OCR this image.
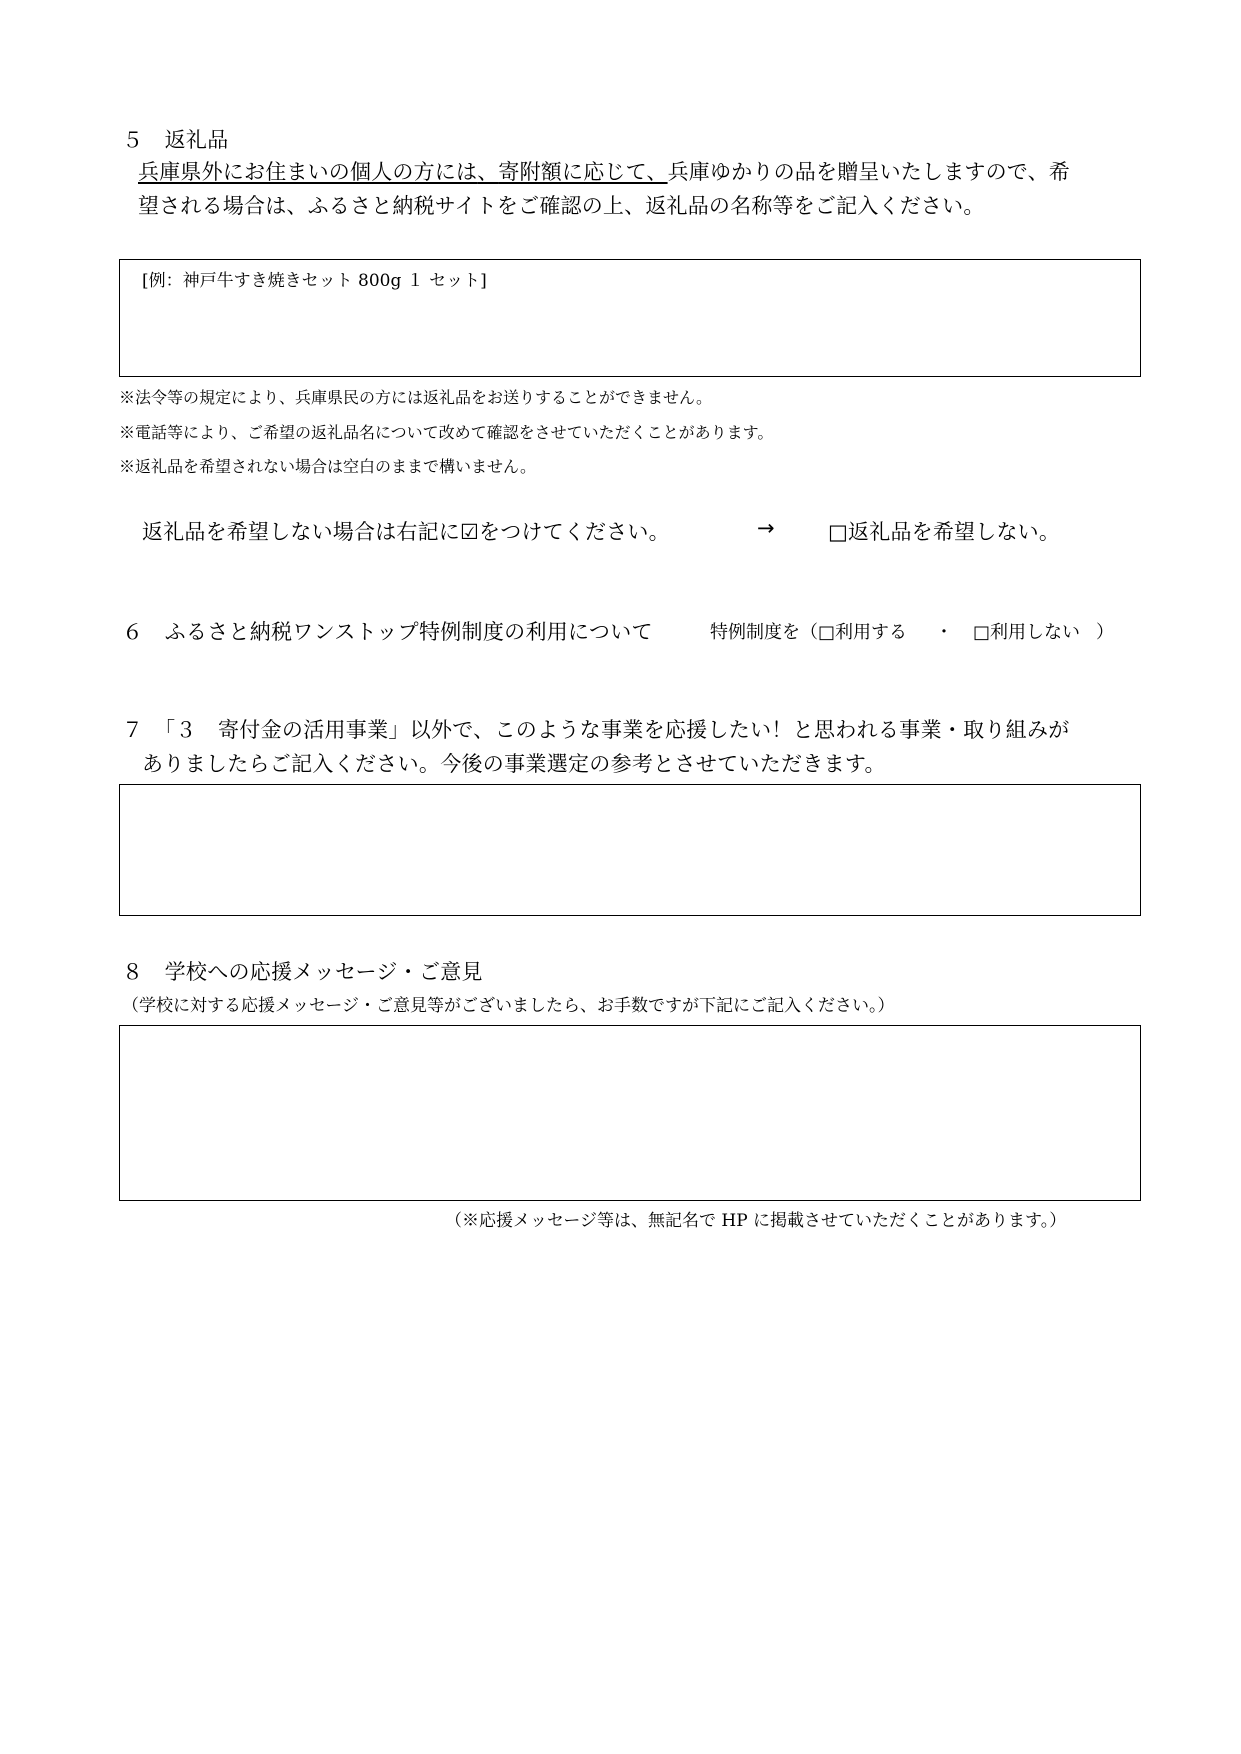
５　返礼品
兵庫県外にお住まいの個人の方には、寄附額に応じて、兵庫ゆかりの品を贈呈いたしますので、希
望される場合は、ふるさと納税サイトをご確認の上、返礼品の名称等をご記入ください。
[例：神戸牛すき焼きセット 800g １ セット]
※法令等の規定により、兵庫県民の方には返礼品をお送りすることができません。
※電話等により、ご希望の返礼品名について改めて確認をさせていただくことがあります。
※返礼品を希望されない場合は空白のままで構いません。
返礼品を希望しない場合は右記に☑をつけてください。	→	□返礼品を希望しない。
６　ふるさと納税ワンストップ特例制度の利用について	特例制度を（□利用する ・ □利用しない ）
７　「３　寄付金の活用事業」以外で、このような事業を応援したい！と思われる事業・取り組みが
ありましたらご記入ください。今後の事業選定の参考とさせていただきます。
８　学校への応援メッセージ・ご意見
（学校に対する応援メッセージ・ご意見等がございましたら、お手数ですが下記にご記入ください。）
（※応援メッセージ等は、無記名で HP に掲載させていただくことがあります。）
